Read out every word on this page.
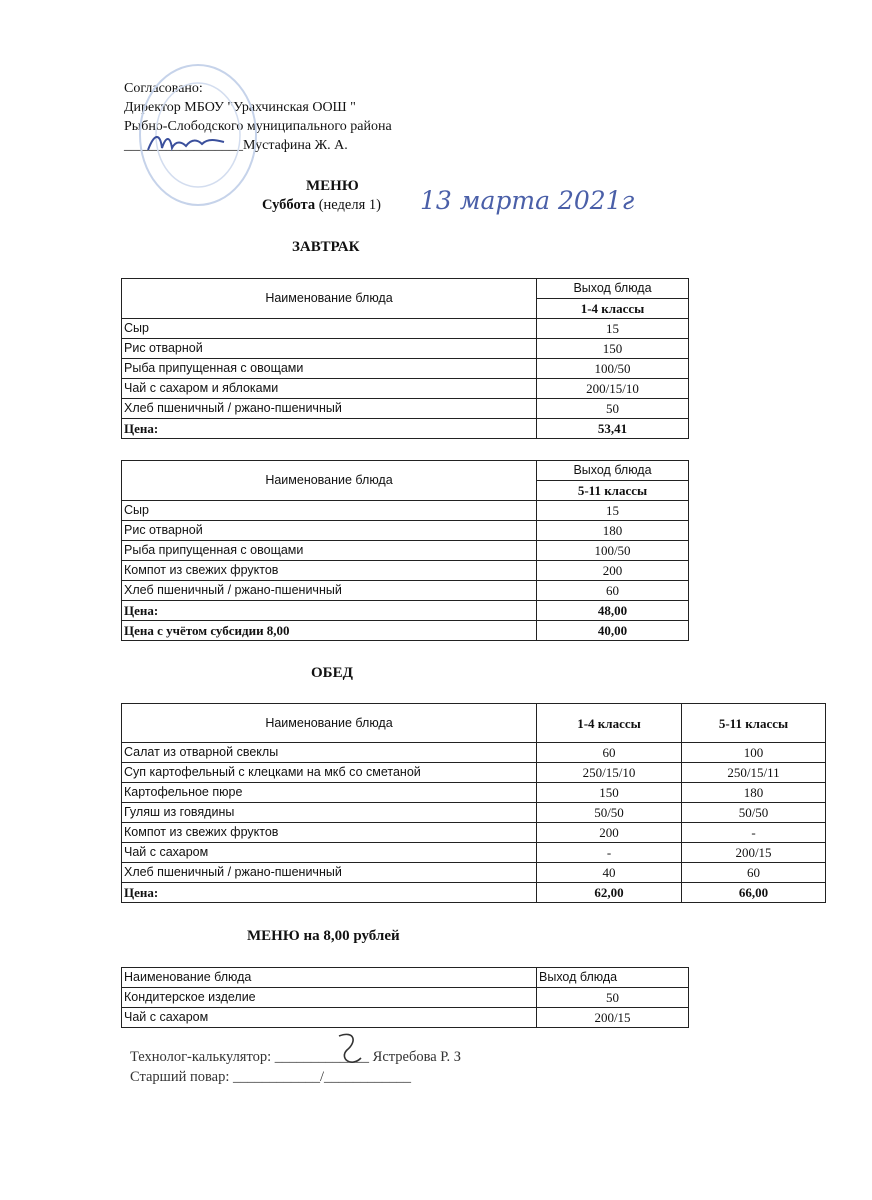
Согласовано:
Директор МБОУ "Урахчинская ООШ "
Рыбно-Слободского муниципального района
_________________Мустафина Ж. А.
МЕНЮ
Суббота (неделя 1) 13 марта 2021г
ЗАВТРАК
Наименование блюда	Выход блюда
	1-4 классы
Сыр	15
Рис отварной	150
Рыба припущенная с овощами	100/50
Чай с сахаром и яблоками	200/15/10
Хлеб пшеничный / ржано-пшеничный	50
Цена:	53,41
Наименование блюда	Выход блюда
	5-11 классы
Сыр	15
Рис отварной	180
Рыба припущенная с овощами	100/50
Компот из свежих фруктов	200
Хлеб пшеничный / ржано-пшеничный	60
Цена:	48,00
Цена с учётом субсидии 8,00	40,00
ОБЕД
Наименование блюда	1-4 классы	5-11 классы
Салат из отварной свеклы	60	100
Суп картофельный с клецками на мкб со сметаной	250/15/10	250/15/11
Картофельное пюре	150	180
Гуляш из говядины	50/50	50/50
Компот из свежих фруктов	200	-
Чай с сахаром	-	200/15
Хлеб пшеничный / ржано-пшеничный	40	60
Цена:	62,00	66,00
МЕНЮ на 8,00 рублей
Наименование блюда	Выход блюда
Кондитерское изделие	50
Чай с сахаром	200/15
Технолог-калькулятор: _____________ Ястребова Р. З
Старший повар: ____________/____________
